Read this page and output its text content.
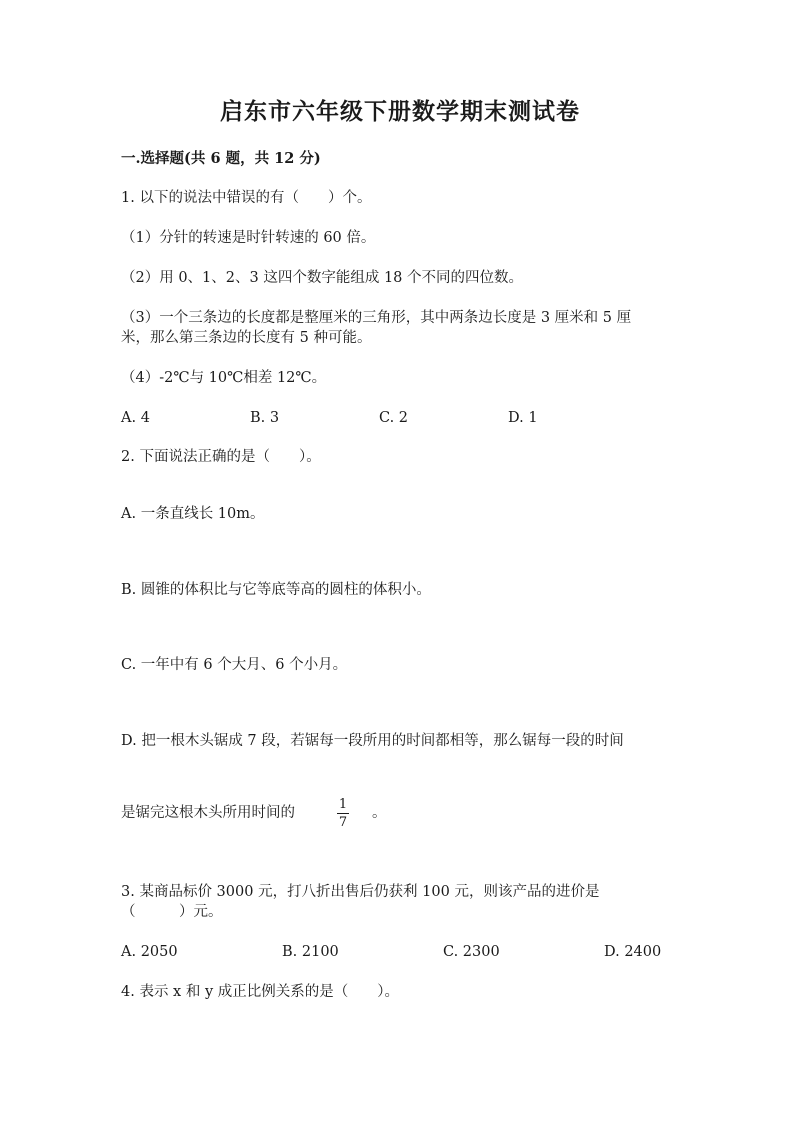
启东市六年级下册数学期末测试卷
一.选择题(共 6 题，共 12 分)
1. 以下的说法中错误的有（　　）个。
（1）分针的转速是时针转速的 60 倍。
（2）用 0、1、2、3 这四个数字能组成 18 个不同的四位数。
（3）一个三条边的长度都是整厘米的三角形，其中两条边长度是 3 厘米和 5 厘
米，那么第三条边的长度有 5 种可能。
（4）-2℃与 10℃相差 12℃。
A. 4	B. 3	C. 2	D. 1
2. 下面说法正确的是（　　）。
A. 一条直线长 10m。
B. 圆锥的体积比与它等底等高的圆柱的体积小。
C. 一年中有 6 个大月、6 个小月。
D. 把一根木头锯成 7 段，若锯每一段所用的时间都相等，那么锯每一段的时间
是锯完这根木头所用时间的
1
7
。
3. 某商品标价 3000 元，打八折出售后仍获利 100 元，则该产品的进价是
（　　　）元。
A. 2050	B. 2100	C. 2300	D. 2400
4. 表示 x 和 y 成正比例关系的是（　　）。
